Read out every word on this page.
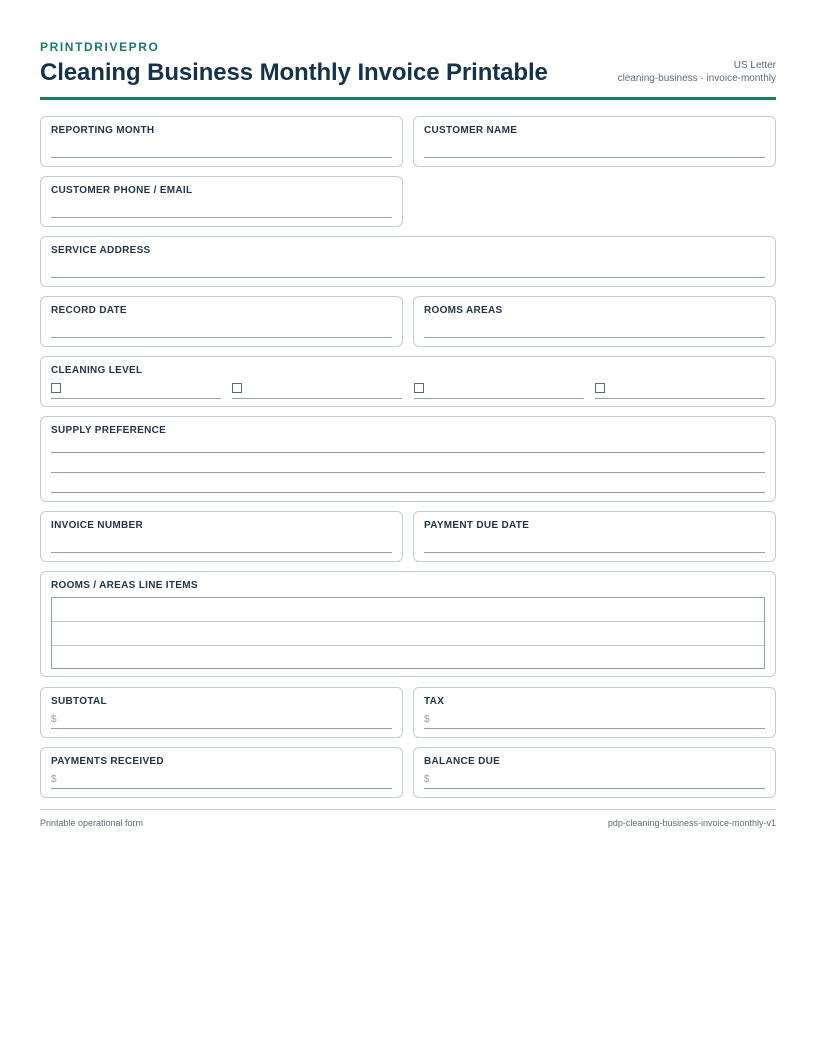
PRINTDRIVEPRO
Cleaning Business Monthly Invoice Printable	US Letter
cleaning-business · invoice-monthly
REPORTING MONTH	CUSTOMER NAME
CUSTOMER PHONE / EMAIL
SERVICE ADDRESS
RECORD DATE	ROOMS AREAS
CLEANING LEVEL
SUPPLY PREFERENCE
INVOICE NUMBER	PAYMENT DUE DATE
ROOMS / AREAS LINE ITEMS
SUBTOTAL
$
TAX
$
PAYMENTS RECEIVED
$
BALANCE DUE
$
Printable operational form	pdp-cleaning-business-invoice-monthly-v1
